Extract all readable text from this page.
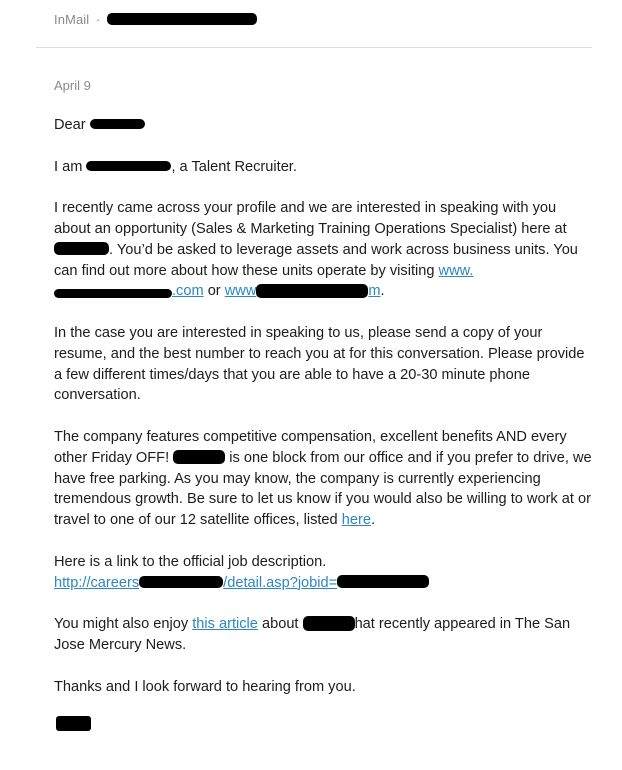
InMail ·
April 9

Dear

I am	, a Talent Recruiter.

I recently came across your profile and we are interested in speaking with you about an opportunity (Sales & Marketing Training Operations Specialist) here at . You’d be asked to leverage assets and work across business units. You can find out more about how these units operate by visiting www. .com or www	m.

In the case you are interested in speaking to us, please send a copy of your resume, and the best number to reach you at for this conversation. Please provide a few different times/days that you are able to have a 20-30 minute phone conversation.

The company features competitive compensation, excellent benefits AND every other Friday OFF!	is one block from our office and if you prefer to drive, we have free parking. As you may know, the company is currently experiencing tremendous growth. Be sure to let us know if you would also be willing to work at or travel to one of our 12 satellite offices, listed here.

Here is a link to the official job description.
http://careers	/detail.asp?jobid=

You might also enjoy this article about	hat recently appeared in The San Jose Mercury News.

Thanks and I look forward to hearing from you.
